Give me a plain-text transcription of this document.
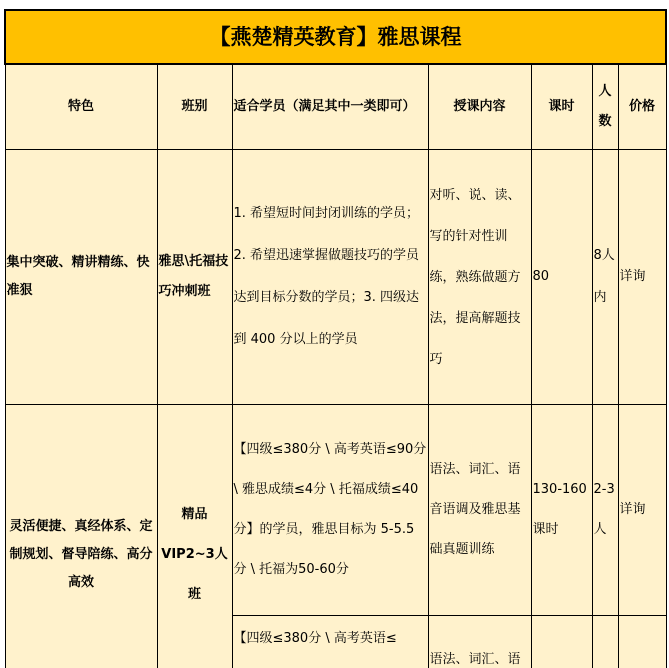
【燕楚精英教育】雅思课程						
特色	班别	适合学员（满足其中一类即可）	授课内容	课时	人数	价格
集中突破、精讲精练、快准狠	雅思\托福技巧冲刺班	1. 希望短时间封闭训练的学员；2. 希望迅速掌握做题技巧的学员达到目标分数的学员；3. 四级达到 400 分以上的学员	对听、说、读、写的针对性训练，熟练做题方法，提高解题技巧	80	8人内	详询
灵活便捷、真经体系、定制规划、督导陪练、高分高效	精品VIP2~3人班	【四级≤380分 \ 高考英语≤90分 \ 雅思成绩≤4分 \ 托福成绩≤40分】的学员，雅思目标为 5-5.5 分 \ 托福为50-60分	语法、词汇、语音语调及雅思基础真题训练	130-160课时	2-3人	详询
		【四级≤380分 \ 高考英语≤	语法、词汇、语			
